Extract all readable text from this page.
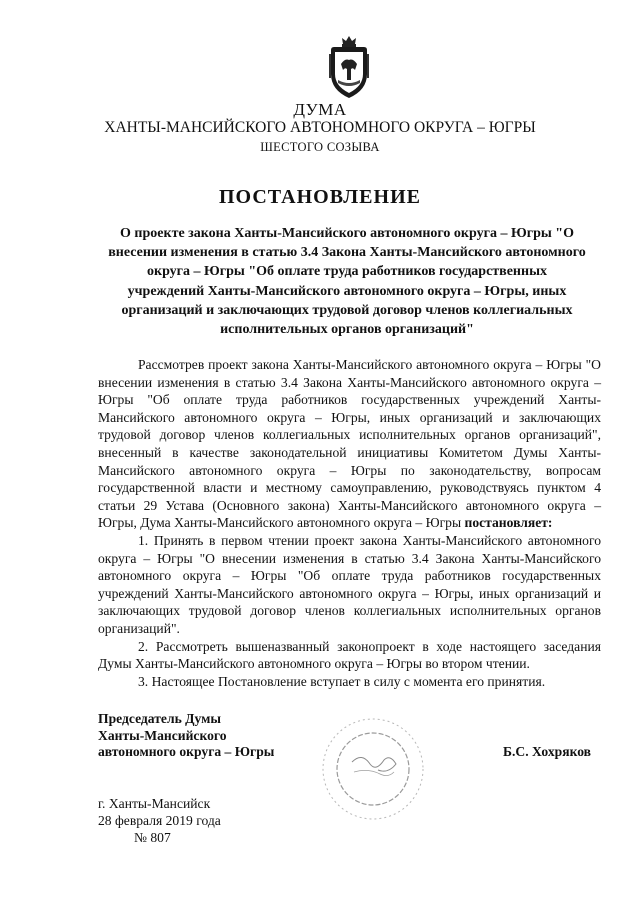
ДУМА
ХАНТЫ-МАНСИЙСКОГО АВТОНОМНОГО ОКРУГА – ЮГРЫ
ШЕСТОГО СОЗЫВА
ПОСТАНОВЛЕНИЕ
О проекте закона Ханты-Мансийского автономного округа – Югры "О внесении изменения в статью 3.4 Закона Ханты-Мансийского автономного округа – Югры "Об оплате труда работников государственных учреждений Ханты-Мансийского автономного округа – Югры, иных организаций и заключающих трудовой договор членов коллегиальных исполнительных органов организаций"
Рассмотрев проект закона Ханты-Мансийского автономного округа – Югры "О внесении изменения в статью 3.4 Закона Ханты-Мансийского автономного округа – Югры "Об оплате труда работников государственных учреждений Ханты-Мансийского автономного округа – Югры, иных организаций и заключающих трудовой договор членов коллегиальных исполнительных органов организаций", внесенный в качестве законодательной инициативы Комитетом Думы Ханты-Мансийского автономного округа – Югры по законодательству, вопросам государственной власти и местному самоуправлению, руководствуясь пунктом 4 статьи 29 Устава (Основного закона) Ханты-Мансийского автономного округа – Югры, Дума Ханты-Мансийского автономного округа – Югры постановляет:

1. Принять в первом чтении проект закона Ханты-Мансийского автономного округа – Югры "О внесении изменения в статью 3.4 Закона Ханты-Мансийского автономного округа – Югры "Об оплате труда работников государственных учреждений Ханты-Мансийского автономного округа – Югры, иных организаций и заключающих трудовой договор членов коллегиальных исполнительных органов организаций".

2. Рассмотреть вышеназванный законопроект в ходе настоящего заседания Думы Ханты-Мансийского автономного округа – Югры во втором чтении.

3. Настоящее Постановление вступает в силу с момента его принятия.

Председатель Думы
Ханты-Мансийского
автономного округа – Югры	Б.С. Хохряков
г. Ханты-Мансийск
28 февраля 2019 года
№ 807
